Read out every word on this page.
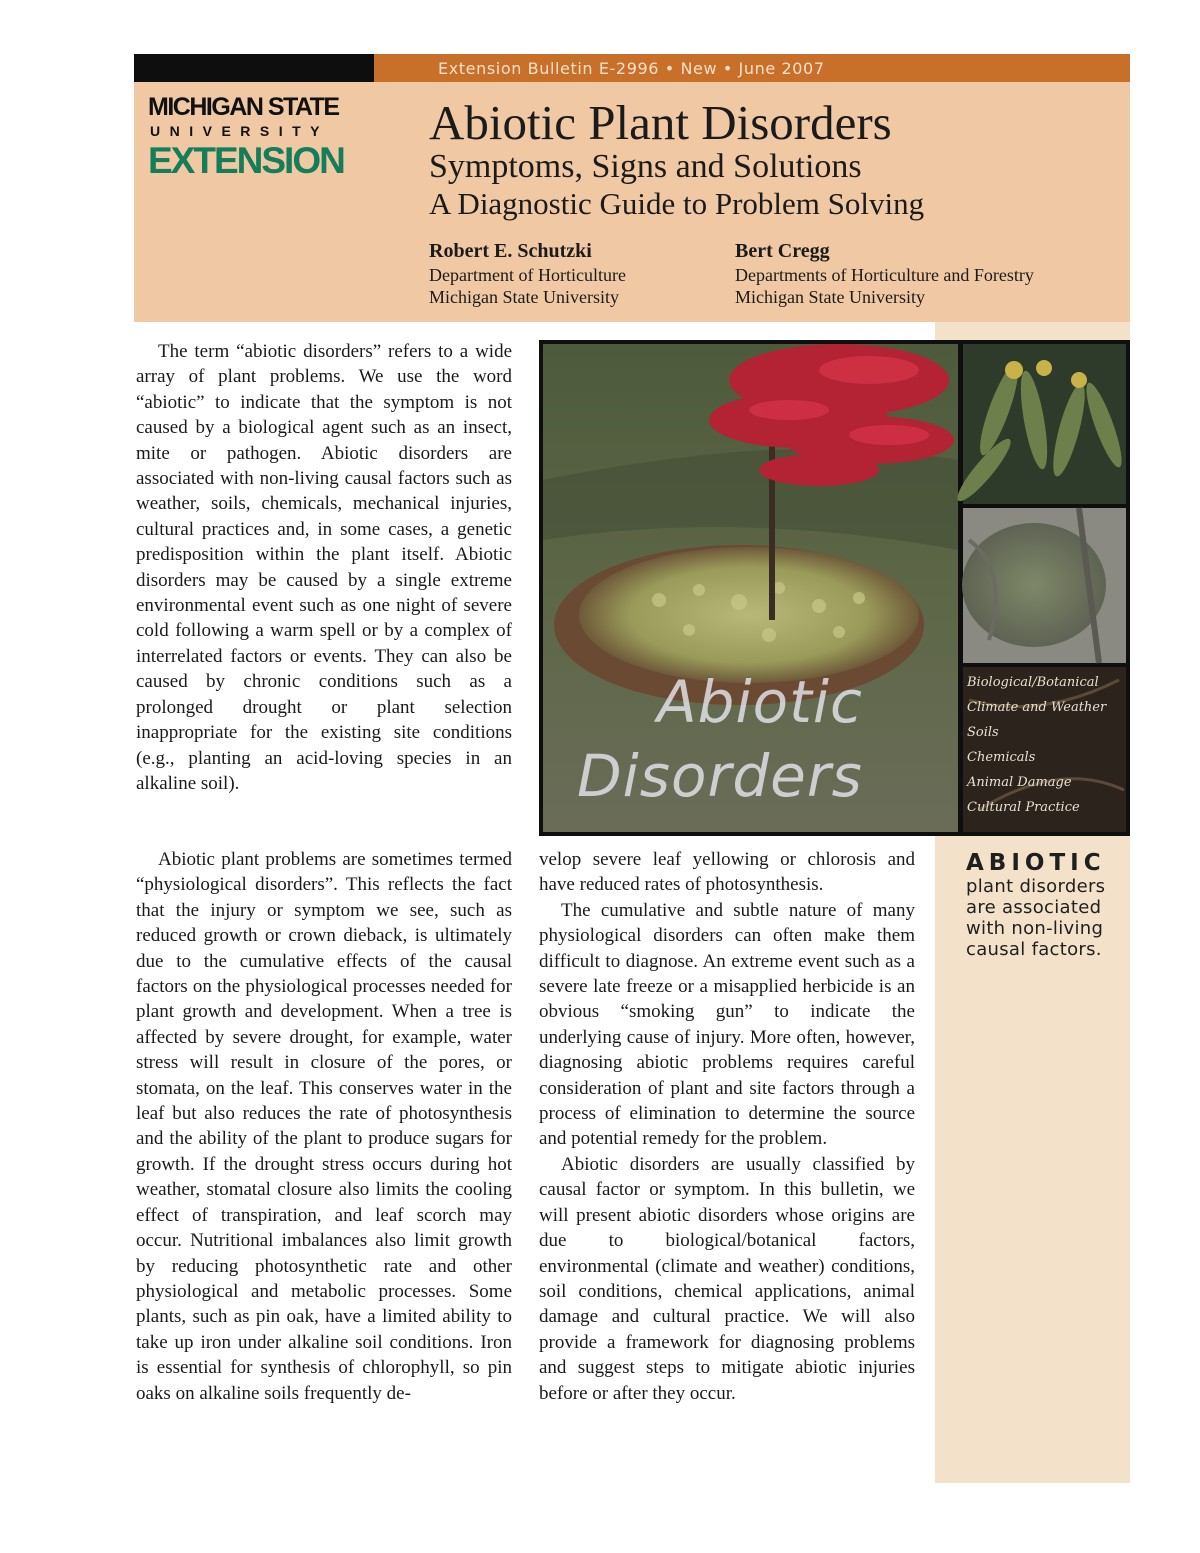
Extension Bulletin E-2996 • New • June 2007
MICHIGAN STATE
UNIVERSITY
EXTENSION
Abiotic Plant Disorders
Symptoms, Signs and Solutions
A Diagnostic Guide to Problem Solving
Robert E. Schutzki
Department of Horticulture
Michigan State University
Bert Cregg
Departments of Horticulture and Forestry
Michigan State University
Abiotic
Disorders
Biological/Botanical
Climate and Weather
Soils
Chemicals
Animal Damage
Cultural Practice
ABIOTIC
plant disorders are associated with non-living causal factors.

The term “abiotic disorders” refers to a wide array of plant problems. We use the word “abiotic” to indicate that the symptom is not caused by a biological agent such as an insect, mite or pathogen. Abiotic disorders are associated with non-living causal factors such as weather, soils, chemicals, mechanical injuries, cultural practices and, in some cases, a genetic predisposition within the plant itself. Abiotic disorders may be caused by a single extreme environmental event such as one night of severe cold following a warm spell or by a complex of interrelated factors or events. They can also be caused by chronic conditions such as a prolonged drought or plant selection inappropriate for the existing site conditions (e.g., planting an acid-loving species in an alkaline soil).

Abiotic plant problems are sometimes termed “physiological disorders”. This reflects the fact that the injury or symptom we see, such as reduced growth or crown dieback, is ultimately due to the cumulative effects of the causal factors on the physiological processes needed for plant growth and development. When a tree is affected by severe drought, for example, water stress will result in closure of the pores, or stomata, on the leaf. This conserves water in the leaf but also reduces the rate of photosynthesis and the ability of the plant to produce sugars for growth. If the drought stress occurs during hot weather, stomatal closure also limits the cooling effect of transpiration, and leaf scorch may occur. Nutritional imbalances also limit growth by reducing photosynthetic rate and other physiological and metabolic processes. Some plants, such as pin oak, have a limited ability to take up iron under alkaline soil conditions. Iron is essential for synthesis of chlorophyll, so pin oaks on alkaline soils frequently de-

velop severe leaf yellowing or chlorosis and have reduced rates of photosynthesis.

The cumulative and subtle nature of many physiological disorders can often make them difficult to diagnose. An extreme event such as a severe late freeze or a misapplied herbicide is an obvious “smoking gun” to indicate the underlying cause of injury. More often, however, diagnosing abiotic problems requires careful consideration of plant and site factors through a process of elimination to determine the source and potential remedy for the problem.

Abiotic disorders are usually classified by causal factor or symptom. In this bulletin, we will present abiotic disorders whose origins are due to biological/botanical factors, environmental (climate and weather) conditions, soil conditions, chemical applications, animal damage and cultural practice. We will also provide a framework for diagnosing problems and suggest steps to mitigate abiotic injuries before or after they occur.
